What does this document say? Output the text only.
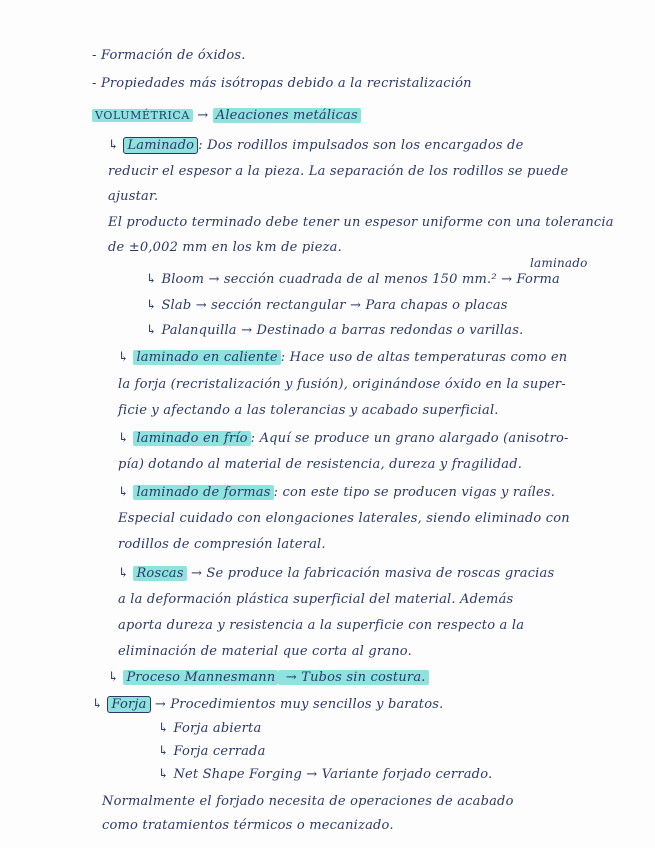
- Formación de óxidos.
- Propiedades más isótropas debido a la recristalización
VOLUMÉTRICA → Aleaciones metálicas
↳ Laminado : Dos rodillos impulsados son los encargados de
reducir el espesor a la pieza. La separación de los rodillos se puede
ajustar.
El producto terminado debe tener un espesor uniforme con una tolerancia
de ±0,002 mm en los km de pieza.
laminado
↳ Bloom → sección cuadrada de al menos 150 mm.² → Forma
↳ Slab → sección rectangular → Para chapas o placas
↳ Palanquilla → Destinado a barras redondas o varillas.
↳ laminado en caliente : Hace uso de altas temperaturas como en
la forja (recristalización y fusión), originándose óxido en la super-
ficie y afectando a las tolerancias y acabado superficial.
↳ laminado en frío : Aquí se produce un grano alargado (anisotro-
pía) dotando al material de resistencia, dureza y fragilidad.
↳ laminado de formas : con este tipo se producen vigas y raíles.
Especial cuidado con elongaciones laterales, siendo eliminado con
rodillos de compresión lateral.
↳ Roscas → Se produce la fabricación masiva de roscas gracias
a la deformación plástica superficial del material. Además
aporta dureza y resistencia a la superficie con respecto a la
eliminación de material que corta al grano.
↳ Proceso Mannesmann → Tubos sin costura.
↳ Forja → Procedimientos muy sencillos y baratos.
↳ Forja abierta
↳ Forja cerrada
↳ Net Shape Forging → Variante forjado cerrado.
Normalmente el forjado necesita de operaciones de acabado
como tratamientos térmicos o mecanizado.
